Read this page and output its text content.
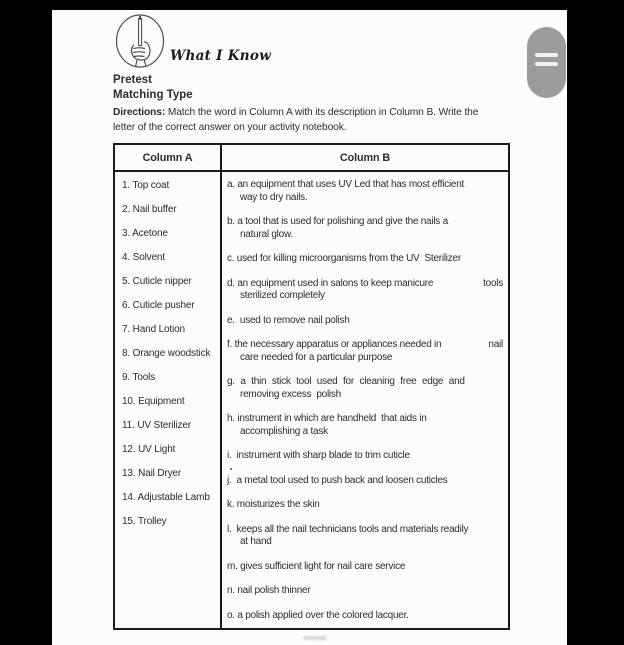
What I Know
Pretest
Matching Type
Directions: Match the word in Column A with its description in Column B. Write the
letter of the correct answer on your activity notebook.
Column A	Column B
1. Top coat
2. Nail buffer
3. Acetone
4. Solvent
5. Cuticle nipper
6. Cuticle pusher
7. Hand Lotion
8. Orange woodstick
9. Tools
10. Equipment
11. UV Sterilizer
12. UV Light
13. Nail Dryer
14. Adjustable Lamb
15. Trolley
a. an equipment that uses UV Led that has most efficient
way to dry nails.
b. a tool that is used for polishing and give the nails a
natural glow.
c. used for killing microorganisms from the UV  Sterilizer
d. an equipment used in salons to keep manicure	tools
sterilized completely
e.  used to remove nail polish
f. the necessary apparatus or appliances needed in	nail
care needed for a particular purpose
g. a thin stick tool used for cleaning free edge and
removing excess  polish
h. instrument in which are handheld  that aids in
accomplishing a task
i.  instrument with sharp blade to trim cuticle
j.  a metal tool used to push back and loosen cuticles
k. moisturizes the skin
l.  keeps all the nail technicians tools and materials readily
at hand
m. gives sufficient light for nail care service
n. nail polish thinner
o. a polish applied over the colored lacquer.
